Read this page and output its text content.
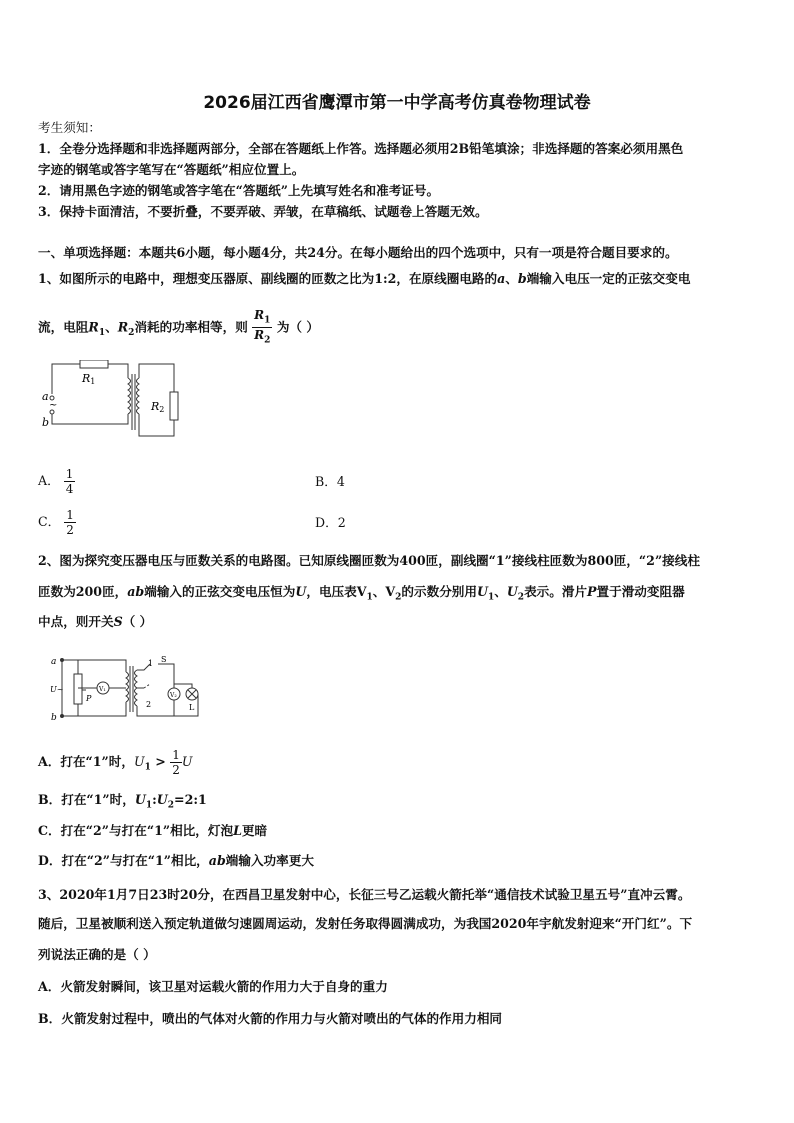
2026届江西省鹰潭市第一中学高考仿真卷物理试卷
考生须知：
1．全卷分选择题和非选择题两部分，全部在答题纸上作答。选择题必须用2B铅笔填涂；非选择题的答案必须用黑色
字迹的钢笔或答字笔写在“答题纸”相应位置上。
2．请用黑色字迹的钢笔或答字笔在“答题纸”上先填写姓名和准考证号。
3．保持卡面清洁，不要折叠，不要弄破、弄皱，在草稿纸、试题卷上答题无效。
一、单项选择题：本题共6小题，每小题4分，共24分。在每小题给出的四个选项中，只有一项是符合题目要求的。
1、如图所示的电路中，理想变压器原、副线圈的匝数之比为1:2，在原线圈电路的a、b端输入电压一定的正弦交变电
流，电阻$R_1$、$R_2$消耗的功率相等，则 $\frac{R_1}{R_2}$ 为（ ）
R1
R2
a
b
~
A． $\frac{1}{4}$	B．4
C． $\frac{1}{2}$	D．2
2、图为探究变压器电压与匝数关系的电路图。已知原线圈匝数为400匝，副线圈“1”接线柱匝数为800匝，“2”接线柱
匝数为200匝，ab端输入的正弦交变电压恒为U，电压表$V_1$、$V_2$的示数分别用$U_1$、$U_2$表示。滑片P置于滑动变阻器
中点，则开关S（ ）
a
b
U~
P
V₁
V₂
1
2
S
L
A．打在“1”时，$U_1 > \frac{1}{2}$ U
B．打在“1”时，$U_1:U_2=2:1$
C．打在“2”与打在“1”相比，灯泡L更暗
D．打在“2”与打在“1”相比，ab端输入功率更大
3、2020年1月7日23时20分，在西昌卫星发射中心，长征三号乙运载火箭托举“通信技术试验卫星五号”直冲云霄。
随后，卫星被顺利送入预定轨道做匀速圆周运动，发射任务取得圆满成功，为我国2020年宇航发射迎来“开门红”。下
列说法正确的是（ ）
A．火箭发射瞬间，该卫星对运载火箭的作用力大于自身的重力
B．火箭发射过程中，喷出的气体对火箭的作用力与火箭对喷出的气体的作用力相同
